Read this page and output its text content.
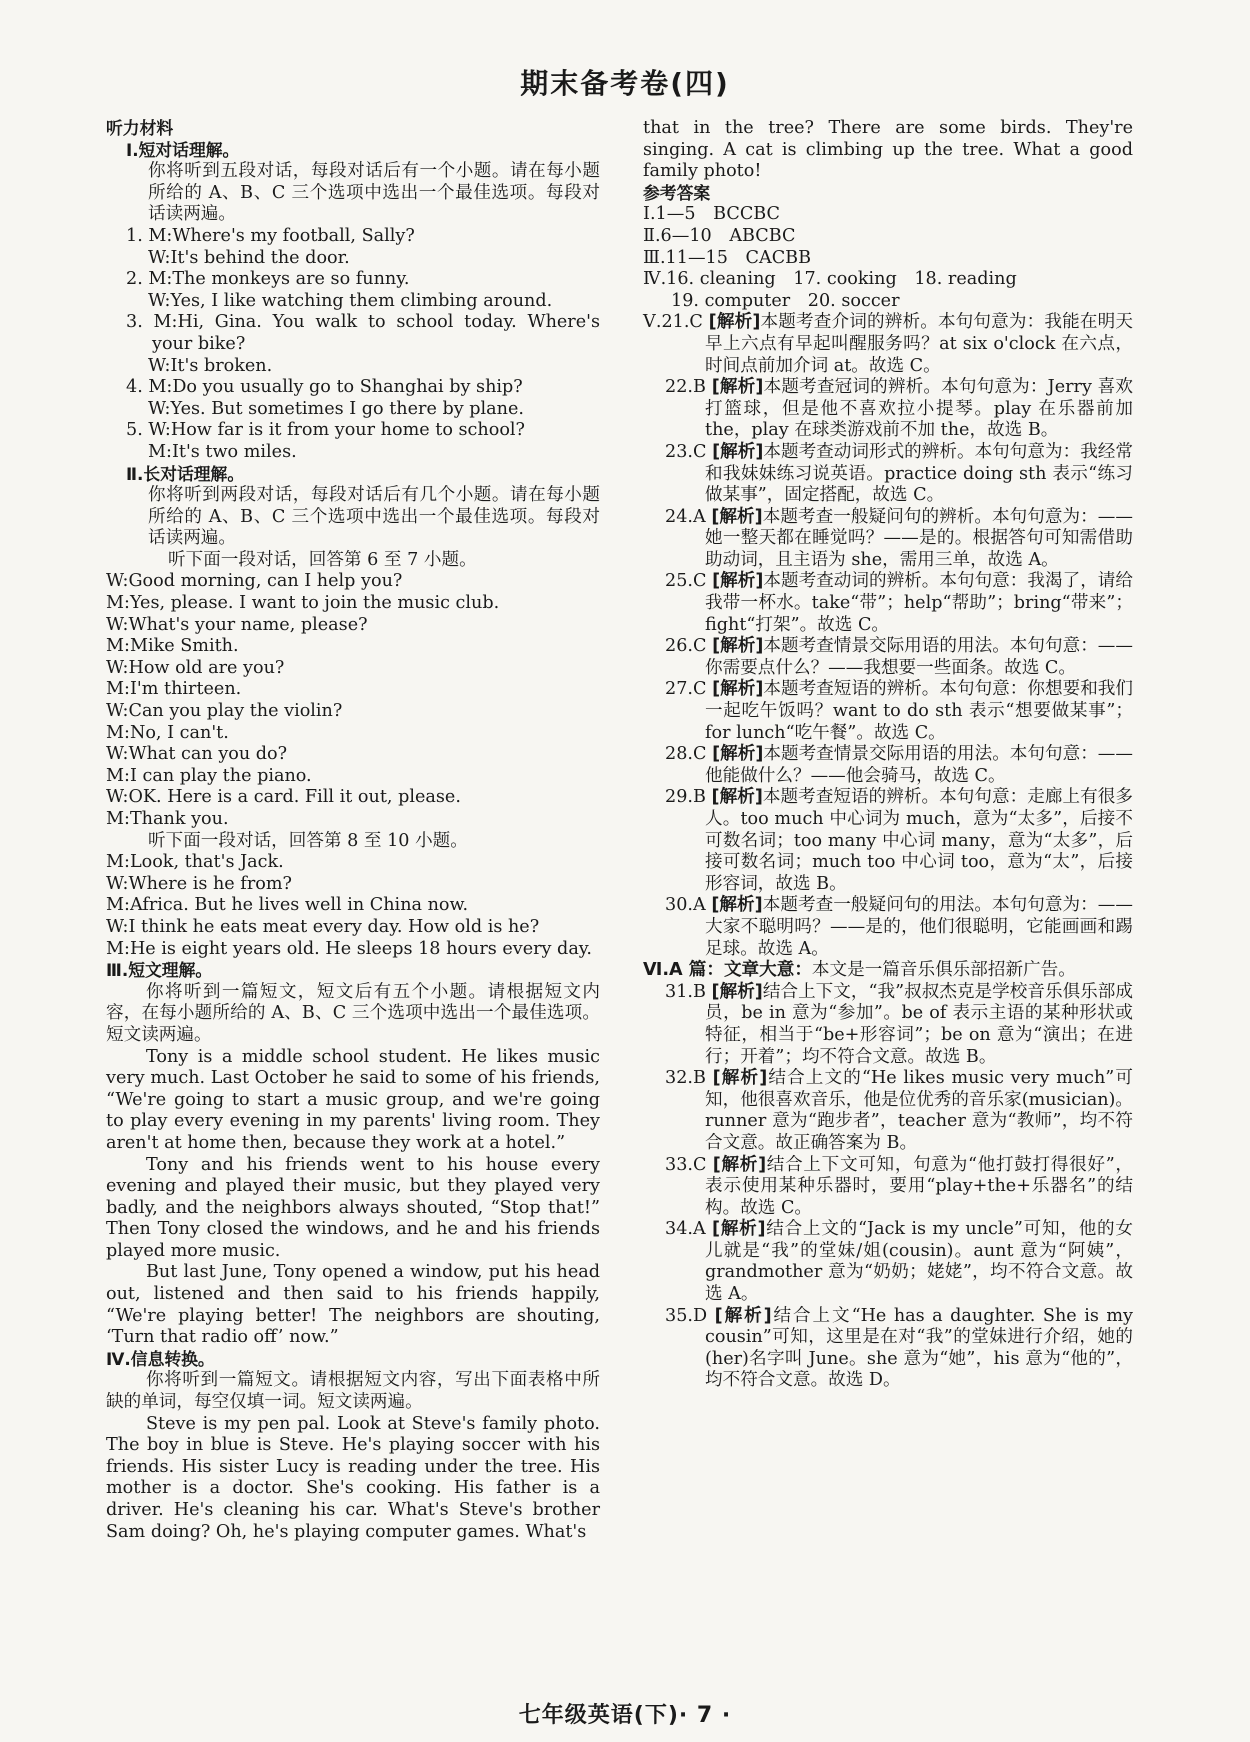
期末备考卷(四)

听力材料

Ⅰ.短对话理解。

你将听到五段对话，每段对话后有一个小题。请在每小题所给的 A、B、C 三个选项中选出一个最佳选项。每段对话读两遍。

1. M:Where's my football, Sally?

W:It's behind the door.

2. M:The monkeys are so funny.

W:Yes, I like watching them climbing around.

3. M:Hi, Gina. You walk to school today. Where's your bike?

W:It's broken.

4. M:Do you usually go to Shanghai by ship?

W:Yes. But sometimes I go there by plane.

5. W:How far is it from your home to school?

M:It's two miles.

Ⅱ.长对话理解。

你将听到两段对话，每段对话后有几个小题。请在每小题所给的 A、B、C 三个选项中选出一个最佳选项。每段对话读两遍。

听下面一段对话，回答第 6 至 7 小题。

W:Good morning, can I help you?

M:Yes, please. I want to join the music club.

W:What's your name, please?

M:Mike Smith.

W:How old are you?

M:I'm thirteen.

W:Can you play the violin?

M:No, I can't.

W:What can you do?

M:I can play the piano.

W:OK. Here is a card. Fill it out, please.

M:Thank you.

听下面一段对话，回答第 8 至 10 小题。

M:Look, that's Jack.

W:Where is he from?

M:Africa. But he lives well in China now.

W:I think he eats meat every day. How old is he?

M:He is eight years old. He sleeps 18 hours every day.

Ⅲ.短文理解。

你将听到一篇短文，短文后有五个小题。请根据短文内容，在每小题所给的 A、B、C 三个选项中选出一个最佳选项。短文读两遍。

Tony is a middle school student. He likes music very much. Last October he said to some of his friends, “We're going to start a music group, and we're going to play every evening in my parents' living room. They aren't at home then, because they work at a hotel.”

Tony and his friends went to his house every evening and played their music, but they played very badly, and the neighbors always shouted, “Stop that!” Then Tony closed the windows, and he and his friends played more music.

But last June, Tony opened a window, put his head out, listened and then said to his friends happily, “We're playing better! The neighbors are shouting, ‘Turn that radio off’ now.”

Ⅳ.信息转换。

你将听到一篇短文。请根据短文内容，写出下面表格中所缺的单词，每空仅填一词。短文读两遍。

Steve is my pen pal. Look at Steve's family photo. The boy in blue is Steve. He's playing soccer with his friends. His sister Lucy is reading under the tree. His mother is a doctor. She's cooking. His father is a driver. He's cleaning his car. What's Steve's brother Sam doing? Oh, he's playing computer games. What's

that in the tree? There are some birds. They're singing. A cat is climbing up the tree. What a good family photo!

参考答案

Ⅰ.1—5　BCCBC

Ⅱ.6—10　ABCBC

Ⅲ.11—15　CACBB

Ⅳ.16. cleaning　17. cooking　18. reading

19. computer　20. soccer

Ⅴ.21.C [解析]本题考查介词的辨析。本句句意为：我能在明天早上六点有早起叫醒服务吗？at six o'clock 在六点，时间点前加介词 at。故选 C。

22.B [解析]本题考查冠词的辨析。本句句意为：Jerry 喜欢打篮球，但是他不喜欢拉小提琴。play 在乐器前加 the，play 在球类游戏前不加 the，故选 B。

23.C [解析]本题考查动词形式的辨析。本句句意为：我经常和我妹妹练习说英语。practice doing sth 表示“练习做某事”，固定搭配，故选 C。

24.A [解析]本题考查一般疑问句的辨析。本句句意为：——她一整天都在睡觉吗？——是的。根据答句可知需借助助动词，且主语为 she，需用三单，故选 A。

25.C [解析]本题考查动词的辨析。本句句意：我渴了，请给我带一杯水。take“带”；help“帮助”；bring“带来”；fight“打架”。故选 C。

26.C [解析]本题考查情景交际用语的用法。本句句意：——你需要点什么？——我想要一些面条。故选 C。

27.C [解析]本题考查短语的辨析。本句句意：你想要和我们一起吃午饭吗？want to do sth 表示“想要做某事”；for lunch“吃午餐”。故选 C。

28.C [解析]本题考查情景交际用语的用法。本句句意：——他能做什么？——他会骑马，故选 C。

29.B [解析]本题考查短语的辨析。本句句意：走廊上有很多人。too much 中心词为 much，意为“太多”，后接不可数名词；too many 中心词 many，意为“太多”，后接可数名词；much too 中心词 too，意为“太”，后接形容词，故选 B。

30.A [解析]本题考查一般疑问句的用法。本句句意为：——大家不聪明吗？——是的，他们很聪明，它能画画和踢足球。故选 A。

Ⅵ.A 篇：文章大意：本文是一篇音乐俱乐部招新广告。

31.B [解析]结合上下文，“我”叔叔杰克是学校音乐俱乐部成员，be in 意为“参加”。be of 表示主语的某种形状或特征，相当于“be+形容词”；be on 意为“演出；在进行；开着”；均不符合文意。故选 B。

32.B [解析]结合上文的“He likes music very much”可知，他很喜欢音乐，他是位优秀的音乐家(musician)。runner 意为“跑步者”，teacher 意为“教师”，均不符合文意。故正确答案为 B。

33.C [解析]结合上下文可知，句意为“他打鼓打得很好”，表示使用某种乐器时，要用“play+the+乐器名”的结构。故选 C。

34.A [解析]结合上文的“Jack is my uncle”可知，他的女儿就是“我”的堂妹/姐(cousin)。aunt 意为“阿姨”，grandmother 意为“奶奶；姥姥”，均不符合文意。故选 A。

35.D [解析]结合上文“He has a daughter. She is my cousin”可知，这里是在对“我”的堂妹进行介绍，她的(her)名字叫 June。she 意为“她”，his 意为“他的”，均不符合文意。故选 D。

七年级英语(下)· 7 ·
